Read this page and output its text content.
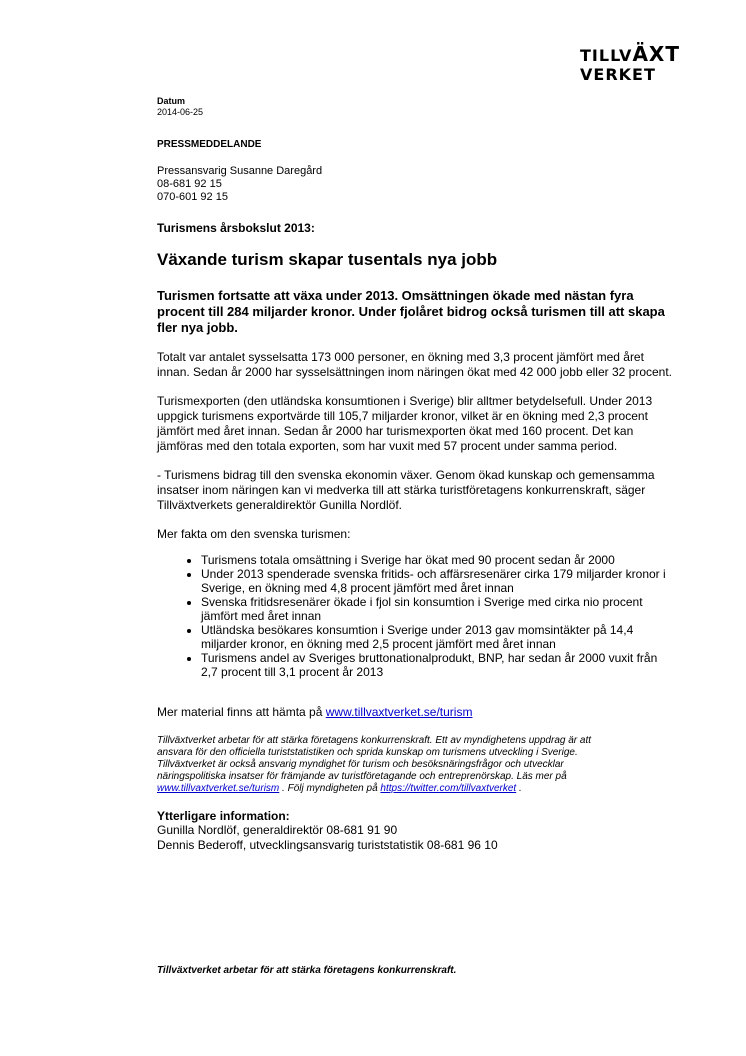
TILLVÄXT
VERKET
Datum
2014-06-25
PRESSMEDDELANDE
Pressansvarig Susanne Daregård
08-681 92 15
070-601 92 15
Turismens årsbokslut 2013:
Växande turism skapar tusentals nya jobb
Turismen fortsatte att växa under 2013. Omsättningen ökade med nästan fyra procent till 284 miljarder kronor. Under fjolåret bidrog också turismen till att skapa fler nya jobb.
Totalt var antalet sysselsatta 173 000 personer, en ökning med 3,3 procent jämfört med året innan. Sedan år 2000 har sysselsättningen inom näringen ökat med 42 000 jobb eller 32 procent.
Turismexporten (den utländska konsumtionen i Sverige) blir alltmer betydelsefull. Under 2013 uppgick turismens exportvärde till 105,7 miljarder kronor, vilket är en ökning med 2,3 procent jämfört med året innan. Sedan år 2000 har turismexporten ökat med 160 procent. Det kan jämföras med den totala exporten, som har vuxit med 57 procent under samma period.
- Turismens bidrag till den svenska ekonomin växer. Genom ökad kunskap och gemensamma insatser inom näringen kan vi medverka till att stärka turistföretagens konkurrenskraft, säger Tillväxtverkets generaldirektör Gunilla Nordlöf.
Mer fakta om den svenska turismen:
• Turismens totala omsättning i Sverige har ökat med 90 procent sedan år 2000
• Under 2013 spenderade svenska fritids- och affärsresenärer cirka 179 miljarder kronor i Sverige, en ökning med 4,8 procent jämfört med året innan
• Svenska fritidsresenärer ökade i fjol sin konsumtion i Sverige med cirka nio procent jämfört med året innan
• Utländska besökares konsumtion i Sverige under 2013 gav momsintäkter på 14,4 miljarder kronor, en ökning med 2,5 procent jämfört med året innan
• Turismens andel av Sveriges bruttonationalprodukt, BNP, har sedan år 2000 vuxit från 2,7 procent till 3,1 procent år 2013
Mer material finns att hämta på www.tillvaxtverket.se/turism
Tillväxtverket arbetar för att stärka företagens konkurrenskraft. Ett av myndighetens uppdrag är att ansvara för den officiella turiststatistiken och sprida kunskap om turismens utveckling i Sverige. Tillväxtverket är också ansvarig myndighet för turism och besöksnäringsfrågor och utvecklar näringspolitiska insatser för främjande av turistföretagande och entreprenörskap. Läs mer på www.tillvaxtverket.se/turism . Följ myndigheten på https://twitter.com/tillvaxtverket .
Ytterligare information:
Gunilla Nordlöf, generaldirektör 08-681 91 90
Dennis Bederoff, utvecklingsansvarig turiststatistik 08-681 96 10
Tillväxtverket arbetar för att stärka företagens konkurrenskraft.
